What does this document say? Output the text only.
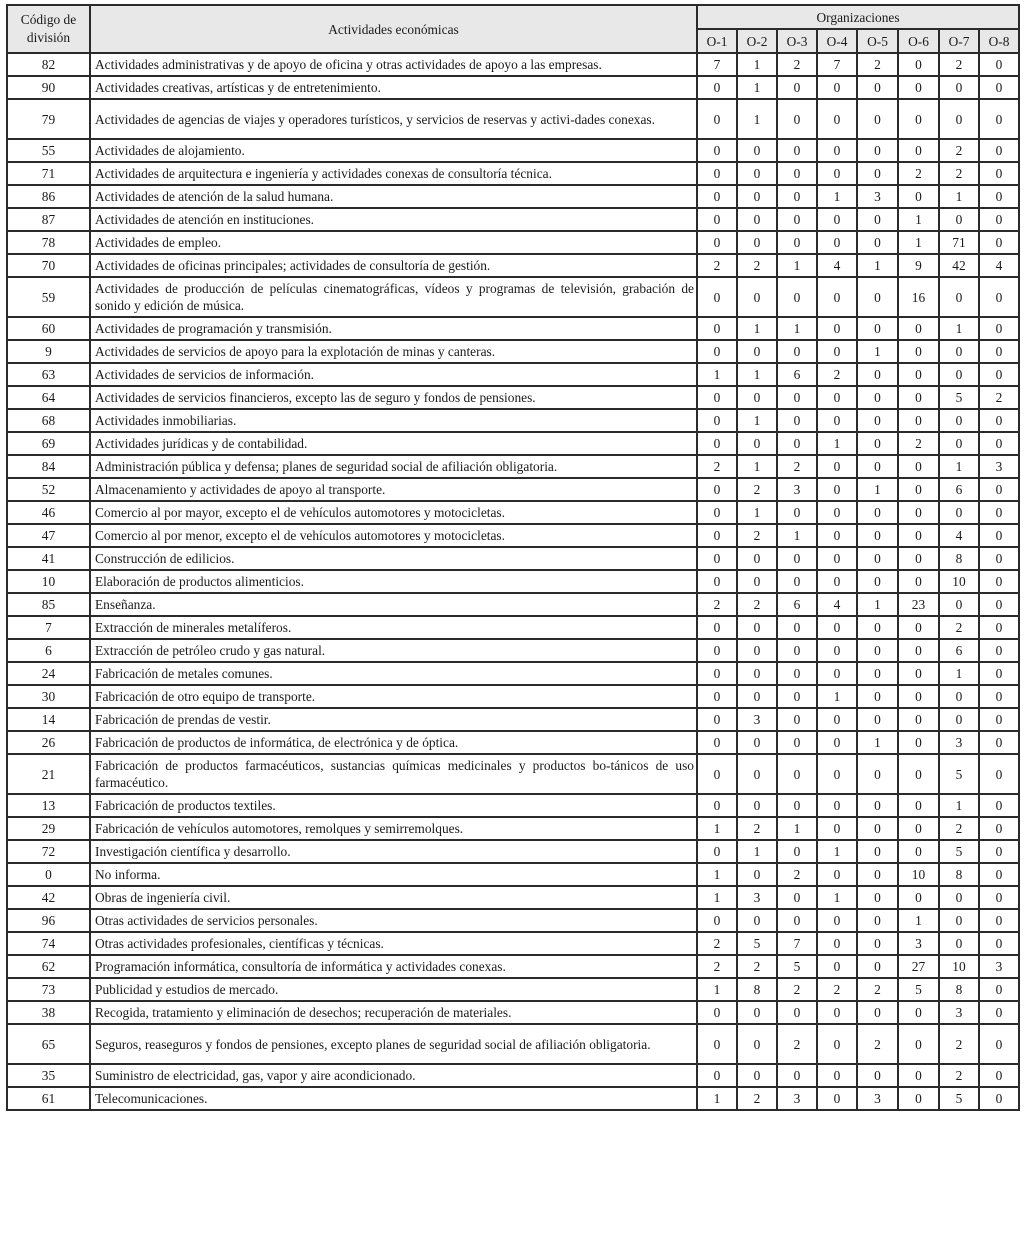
Código de división	Actividades económicas	Organizaciones							
		O-1	O-2	O-3	O-4	O-5	O-6	O-7	O-8
82	Actividades administrativas y de apoyo de oficina y otras actividades de apoyo a las empresas.	7	1	2	7	2	0	2	0
90	Actividades creativas, artísticas y de entretenimiento.	0	1	0	0	0	0	0	0
79	Actividades de agencias de viajes y operadores turísticos, y servicios de reservas y activi-dades conexas.	0	1	0	0	0	0	0	0
55	Actividades de alojamiento.	0	0	0	0	0	0	2	0
71	Actividades de arquitectura e ingeniería y actividades conexas de consultoría técnica.	0	0	0	0	0	2	2	0
86	Actividades de atención de la salud humana.	0	0	0	1	3	0	1	0
87	Actividades de atención en instituciones.	0	0	0	0	0	1	0	0
78	Actividades de empleo.	0	0	0	0	0	1	71	0
70	Actividades de oficinas principales; actividades de consultoría de gestión.	2	2	1	4	1	9	42	4
59	Actividades de producción de películas cinematográficas, vídeos y programas de televisión, grabación de sonido y edición de música.	0	0	0	0	0	16	0	0
60	Actividades de programación y transmisión.	0	1	1	0	0	0	1	0
9	Actividades de servicios de apoyo para la explotación de minas y canteras.	0	0	0	0	1	0	0	0
63	Actividades de servicios de información.	1	1	6	2	0	0	0	0
64	Actividades de servicios financieros, excepto las de seguro y fondos de pensiones.	0	0	0	0	0	0	5	2
68	Actividades inmobiliarias.	0	1	0	0	0	0	0	0
69	Actividades jurídicas y de contabilidad.	0	0	0	1	0	2	0	0
84	Administración pública y defensa; planes de seguridad social de afiliación obligatoria.	2	1	2	0	0	0	1	3
52	Almacenamiento y actividades de apoyo al transporte.	0	2	3	0	1	0	6	0
46	Comercio al por mayor, excepto el de vehículos automotores y motocicletas.	0	1	0	0	0	0	0	0
47	Comercio al por menor, excepto el de vehículos automotores y motocicletas.	0	2	1	0	0	0	4	0
41	Construcción de edilicios.	0	0	0	0	0	0	8	0
10	Elaboración de productos alimenticios.	0	0	0	0	0	0	10	0
85	Enseñanza.	2	2	6	4	1	23	0	0
7	Extracción de minerales metalíferos.	0	0	0	0	0	0	2	0
6	Extracción de petróleo crudo y gas natural.	0	0	0	0	0	0	6	0
24	Fabricación de metales comunes.	0	0	0	0	0	0	1	0
30	Fabricación de otro equipo de transporte.	0	0	0	1	0	0	0	0
14	Fabricación de prendas de vestir.	0	3	0	0	0	0	0	0
26	Fabricación de productos de informática, de electrónica y de óptica.	0	0	0	0	1	0	3	0
21	Fabricación de productos farmacéuticos, sustancias químicas medicinales y productos bo-tánicos de uso farmacéutico.	0	0	0	0	0	0	5	0
13	Fabricación de productos textiles.	0	0	0	0	0	0	1	0
29	Fabricación de vehículos automotores, remolques y semirremolques.	1	2	1	0	0	0	2	0
72	Investigación científica y desarrollo.	0	1	0	1	0	0	5	0
0	No informa.	1	0	2	0	0	10	8	0
42	Obras de ingeniería civil.	1	3	0	1	0	0	0	0
96	Otras actividades de servicios personales.	0	0	0	0	0	1	0	0
74	Otras actividades profesionales, científicas y técnicas.	2	5	7	0	0	3	0	0
62	Programación informática, consultoría de informática y actividades conexas.	2	2	5	0	0	27	10	3
73	Publicidad y estudios de mercado.	1	8	2	2	2	5	8	0
38	Recogida, tratamiento y eliminación de desechos; recuperación de materiales.	0	0	0	0	0	0	3	0
65	Seguros, reaseguros y fondos de pensiones, excepto planes de seguridad social de afiliación obligatoria.	0	0	2	0	2	0	2	0
35	Suministro de electricidad, gas, vapor y aire acondicionado.	0	0	0	0	0	0	2	0
61	Telecomunicaciones.	1	2	3	0	3	0	5	0
